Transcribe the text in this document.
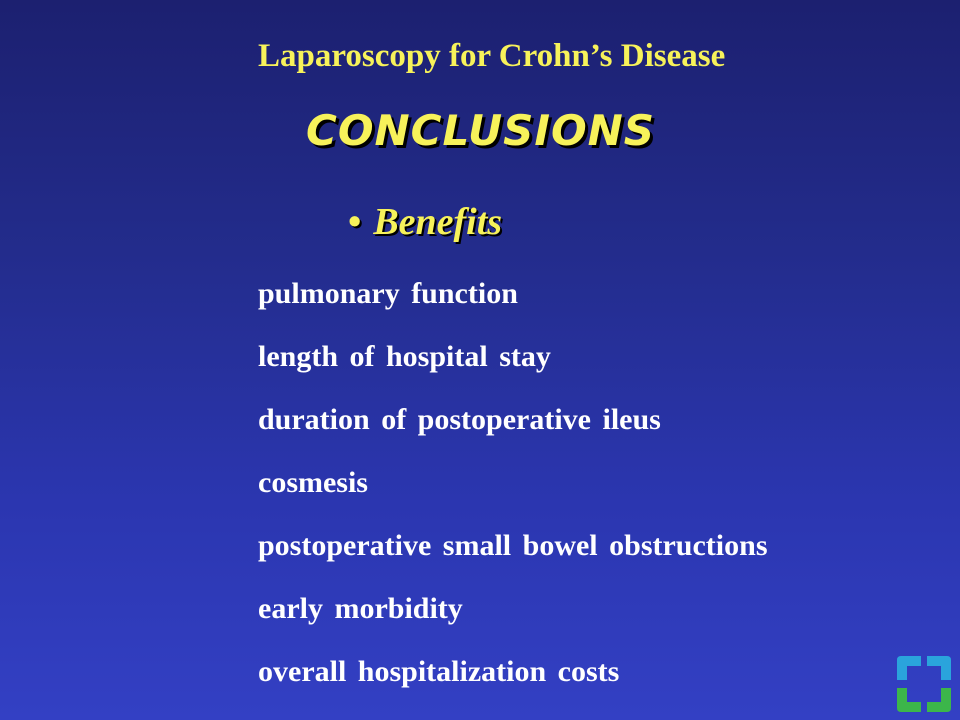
Laparoscopy for Crohn’s Disease
CONCLUSIONS
• Benefits
pulmonary function
length of hospital stay
duration of postoperative ileus
cosmesis
postoperative small bowel obstructions
early morbidity
overall hospitalization costs
